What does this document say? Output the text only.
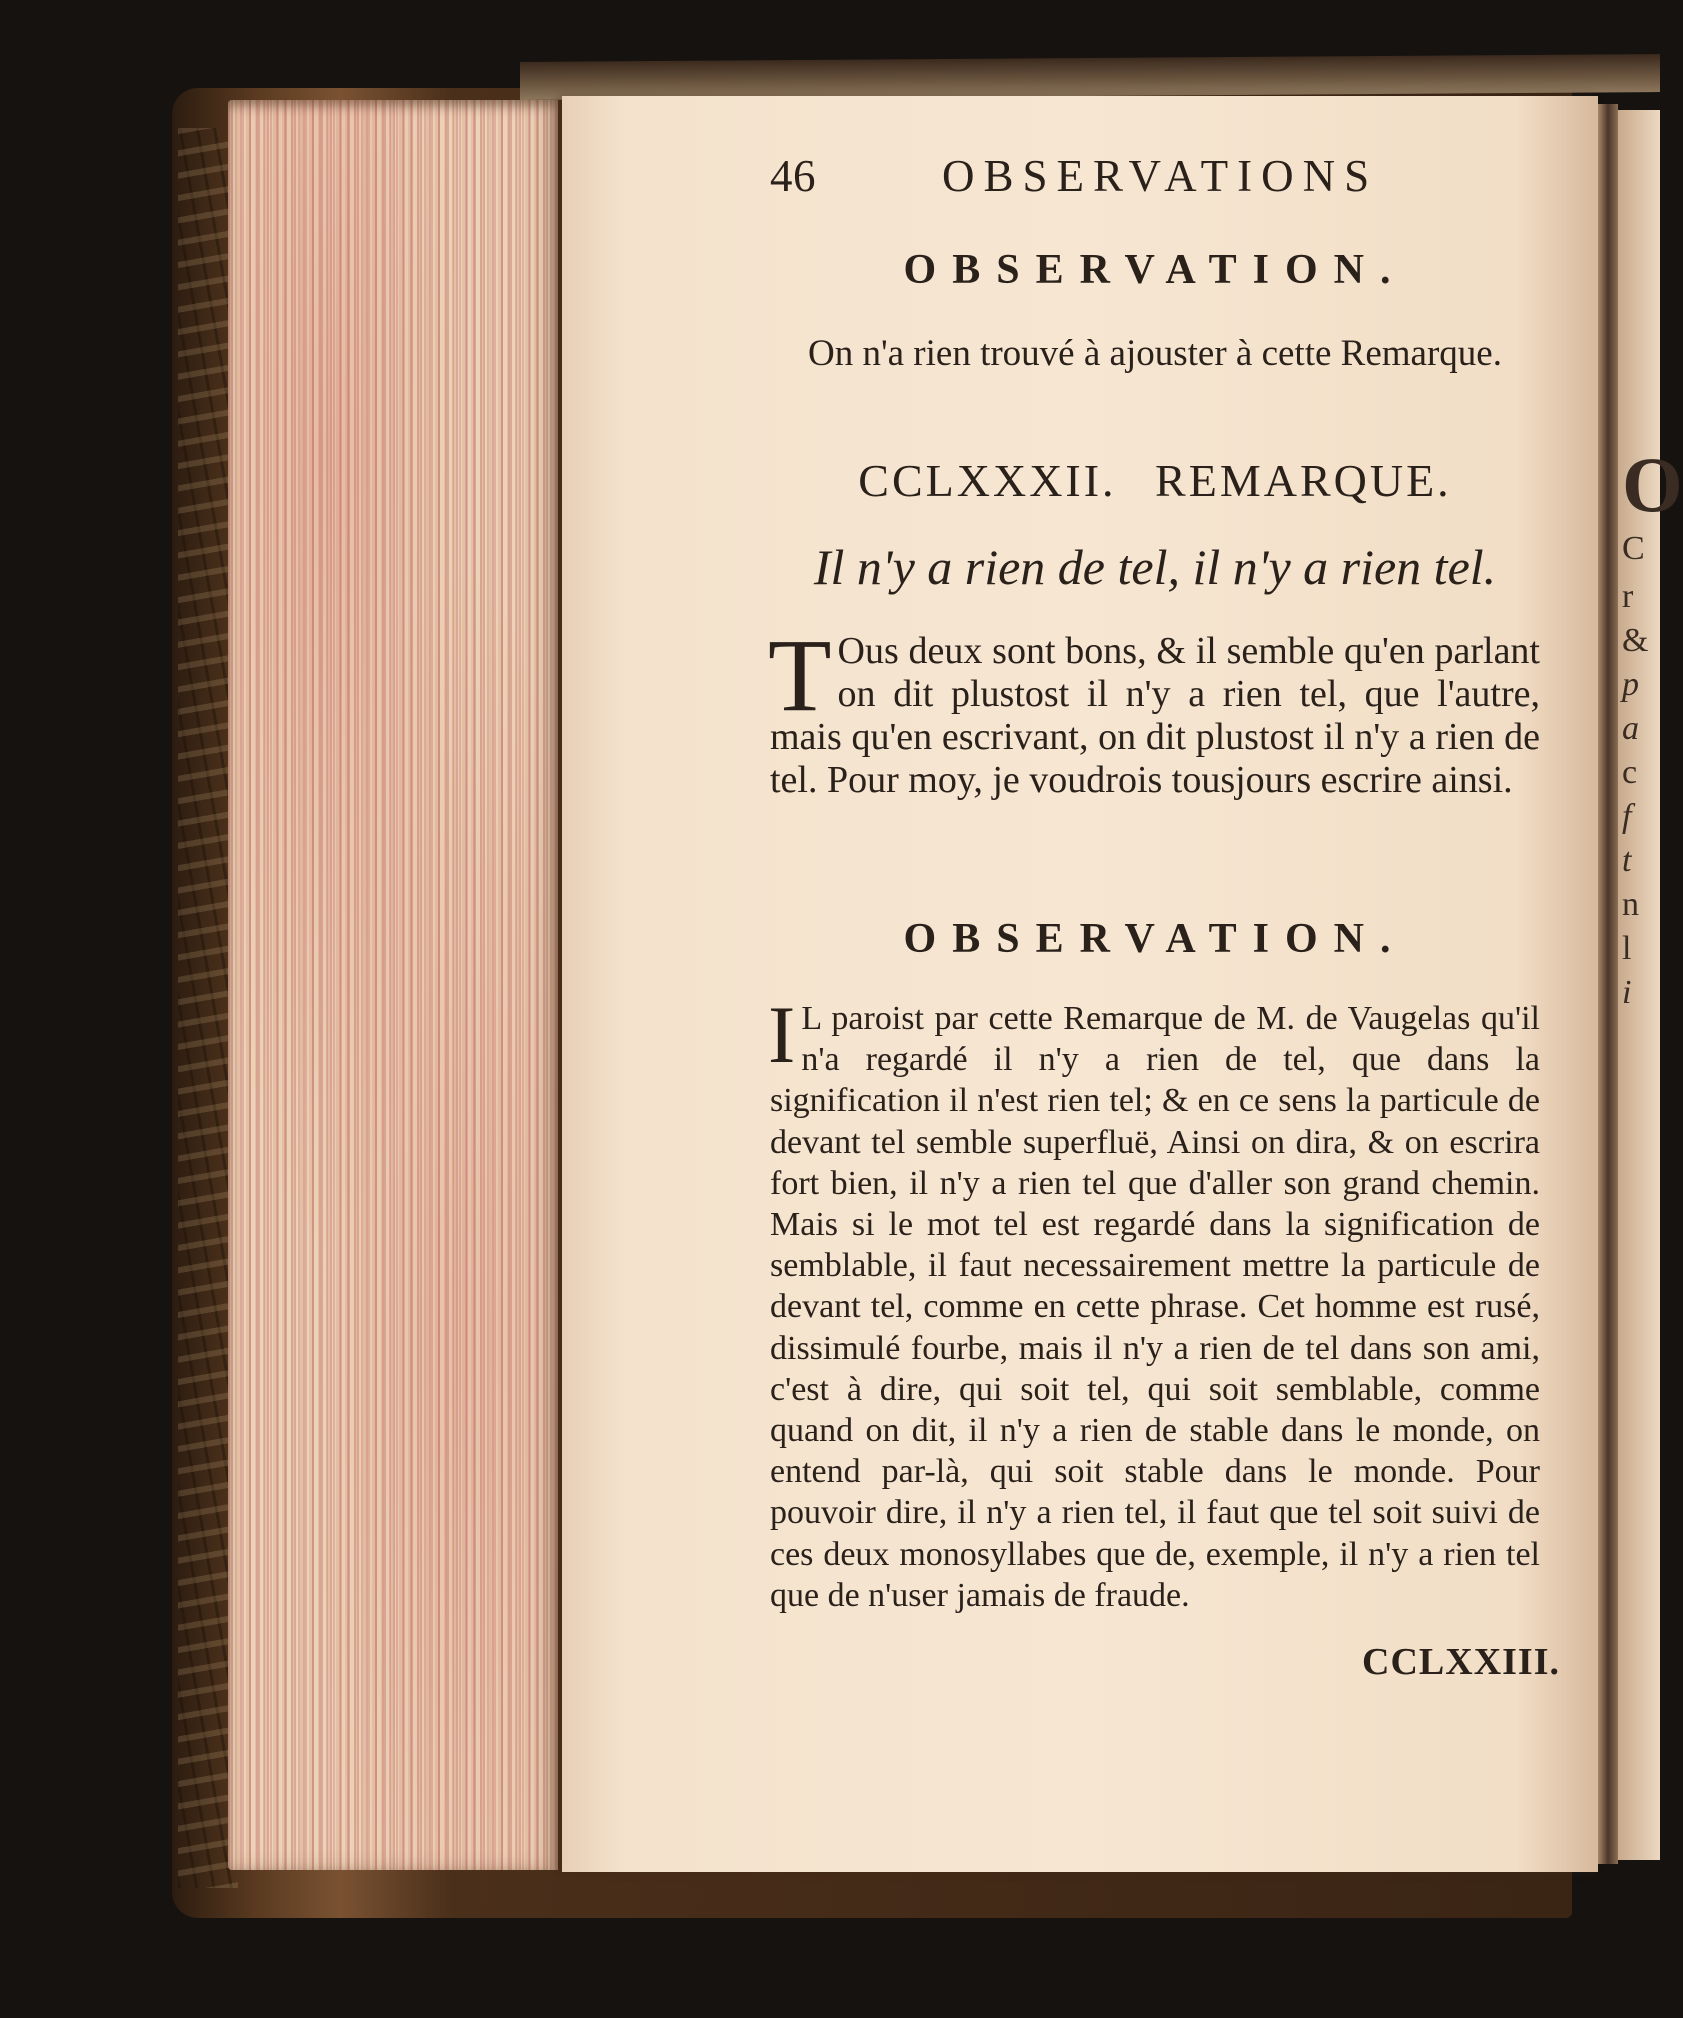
O
C
r
&
p
a
c
f
t
n
l
i
46	OBSERVATIONS
OBSERVATION.
On n'a rien trouvé à ajouster à cette Remarque.
CCLXXXII. REMARQUE.
Il n'y a rien de tel, il n'y a rien tel.
T Ous deux sont bons, & il semble qu'en parlant on dit plustost il n'y a rien tel, que l'autre, mais qu'en escrivant, on dit plustost il n'y a rien de tel. Pour moy, je voudrois tousjours escrire ainsi.
OBSERVATION.
I L paroist par cette Remarque de M. de Vaugelas qu'il n'a regardé il n'y a rien de tel, que dans la signification il n'est rien tel; & en ce sens la particule de devant tel semble superfluë, Ainsi on dira, & on escrira fort bien, il n'y a rien tel que d'aller son grand chemin. Mais si le mot tel est regardé dans la signification de semblable, il faut necessairement mettre la particule de devant tel, comme en cette phrase. Cet homme est rusé, dissimulé fourbe, mais il n'y a rien de tel dans son ami, c'est à dire, qui soit tel, qui soit semblable, comme quand on dit, il n'y a rien de stable dans le monde, on entend par-là, qui soit stable dans le monde. Pour pouvoir dire, il n'y a rien tel, il faut que tel soit suivi de ces deux monosyllabes que de, exemple, il n'y a rien tel que de n'user jamais de fraude.
CCLXXIII.
